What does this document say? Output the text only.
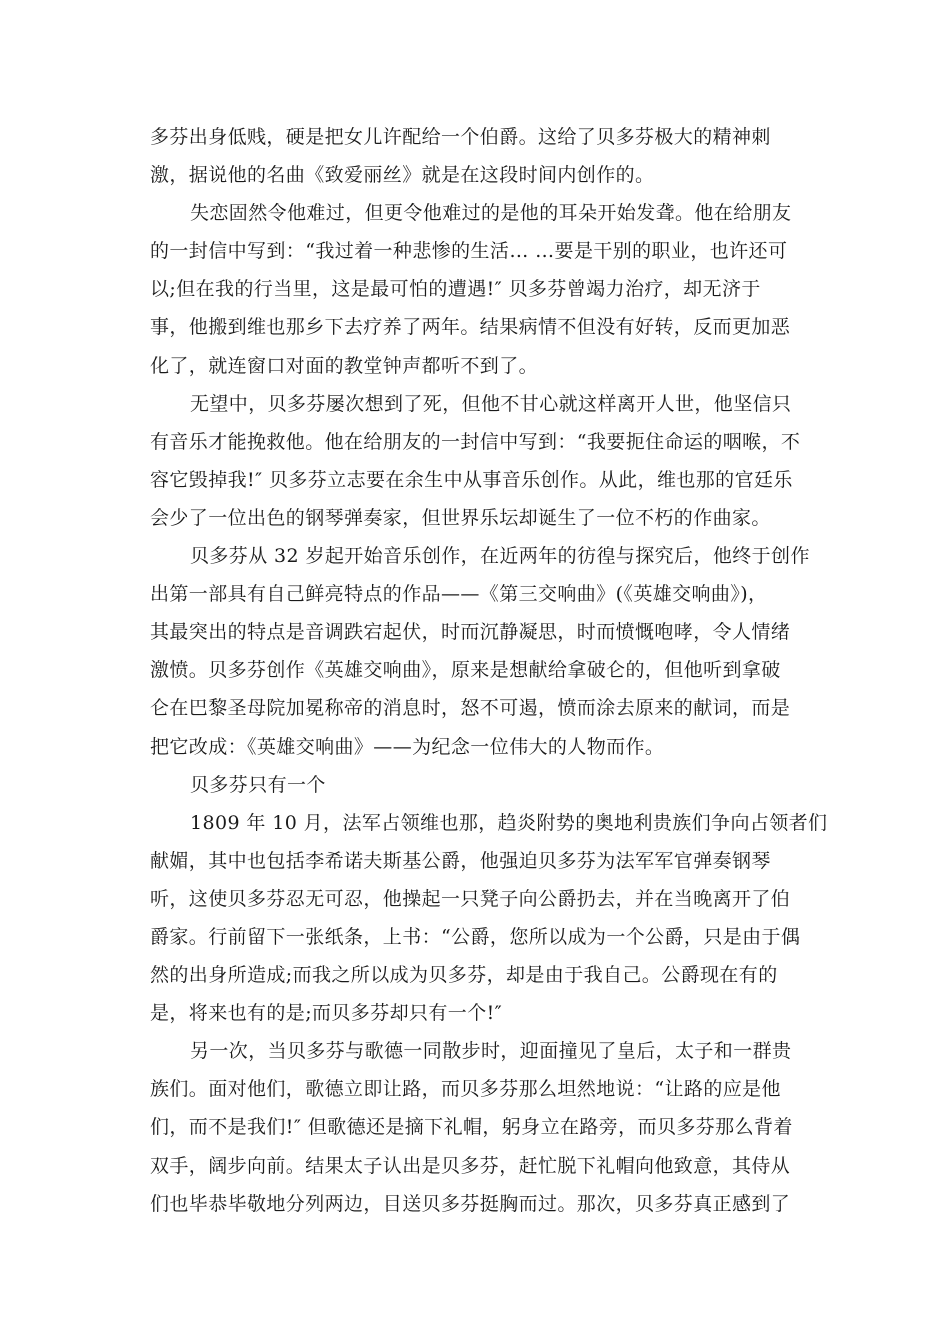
多芬出身低贱，硬是把女儿许配给一个伯爵。这给了贝多芬极大的精神刺
激，据说他的名曲《致爱丽丝》就是在这段时间内创作的。
失恋固然令他难过，但更令他难过的是他的耳朵开始发聋。他在给朋友
的一封信中写到：“我过着一种悲惨的生活… …要是干别的职业，也许还可
以;但在我的行当里，这是最可怕的遭遇!″ 贝多芬曾竭力治疗，却无济于
事，他搬到维也那乡下去疗养了两年。结果病情不但没有好转，反而更加恶
化了，就连窗口对面的教堂钟声都听不到了。
无望中，贝多芬屡次想到了死，但他不甘心就这样离开人世，他坚信只
有音乐才能挽救他。他在给朋友的一封信中写到：“我要扼住命运的咽喉，不
容它毁掉我!″ 贝多芬立志要在余生中从事音乐创作。从此，维也那的官廷乐
会少了一位出色的钢琴弹奏家，但世界乐坛却诞生了一位不朽的作曲家。
贝多芬从 32 岁起开始音乐创作，在近两年的彷徨与探究后，他终于创作
出第一部具有自己鲜亮特点的作品——《第三交响曲》(《英雄交响曲》)，
其最突出的特点是音调跌宕起伏，时而沉静凝思，时而愤慨咆哮，令人情绪
激愤。贝多芬创作《英雄交响曲》，原来是想献给拿破仑的，但他听到拿破
仑在巴黎圣母院加冕称帝的消息时，怒不可遏，愤而涂去原来的献词，而是
把它改成：《英雄交响曲》——为纪念一位伟大的人物而作。
贝多芬只有一个
1809 年 10 月，法军占领维也那，趋炎附势的奥地利贵族们争向占领者们
献媚，其中也包括李希诺夫斯基公爵，他强迫贝多芬为法军军官弹奏钢琴
听，这使贝多芬忍无可忍，他操起一只凳子向公爵扔去，并在当晚离开了伯
爵家。行前留下一张纸条，上书：“公爵，您所以成为一个公爵，只是由于偶
然的出身所造成;而我之所以成为贝多芬，却是由于我自己。公爵现在有的
是，将来也有的是;而贝多芬却只有一个!″
另一次，当贝多芬与歌德一同散步时，迎面撞见了皇后，太子和一群贵
族们。面对他们，歌德立即让路，而贝多芬那么坦然地说：“让路的应是他
们，而不是我们!″ 但歌德还是摘下礼帽，躬身立在路旁，而贝多芬那么背着
双手，阔步向前。结果太子认出是贝多芬，赶忙脱下礼帽向他致意，其侍从
们也毕恭毕敬地分列两边，目送贝多芬挺胸而过。那次，贝多芬真正感到了
